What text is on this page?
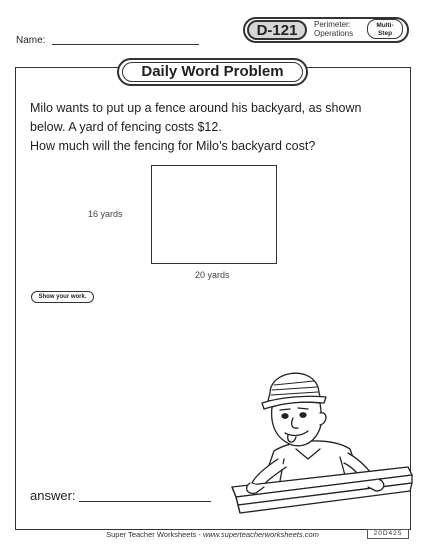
Name:
D-121	Perimeter:
Operations
Multi-
Step
Daily Word Problem

Milo wants to put up a fence around his backyard, as shown

below. A yard of fencing costs $12.

How much will the fencing for Milo’s backyard cost?

16 yards
20 yards
Show your work.
answer:
Super Teacher Worksheets - www.superteacherworksheets.com	20D425
